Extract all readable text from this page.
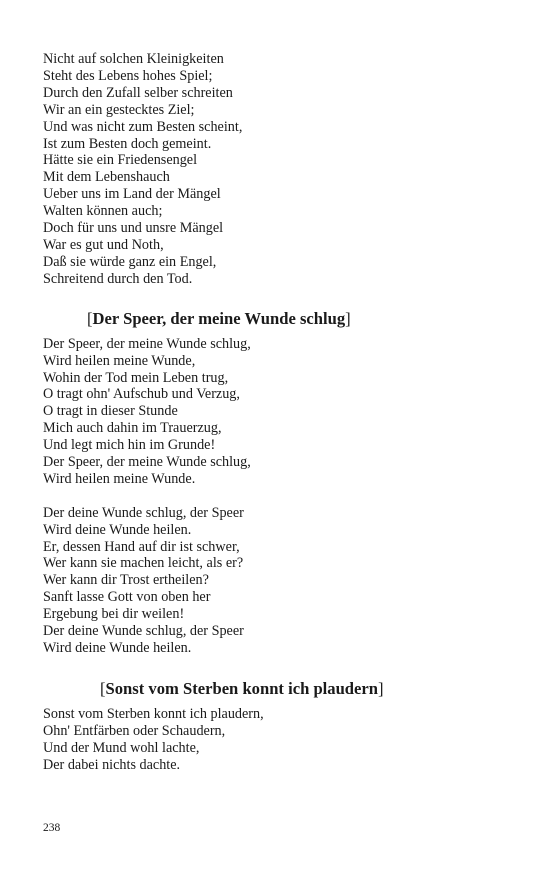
Nicht auf solchen Kleinigkeiten
Steht des Lebens hohes Spiel;
Durch den Zufall selber schreiten
Wir an ein gestecktes Ziel;
Und was nicht zum Besten scheint,
Ist zum Besten doch gemeint.
Hätte sie ein Friedensengel
Mit dem Lebenshauch
Ueber uns im Land der Mängel
Walten können auch;
Doch für uns und unsre Mängel
War es gut und Noth,
Daß sie würde ganz ein Engel,
Schreitend durch den Tod.
[Der Speer, der meine Wunde schlug]
Der Speer, der meine Wunde schlug,
Wird heilen meine Wunde,
Wohin der Tod mein Leben trug,
O tragt ohn' Aufschub und Verzug,
O tragt in dieser Stunde
Mich auch dahin im Trauerzug,
Und legt mich hin im Grunde!
Der Speer, der meine Wunde schlug,
Wird heilen meine Wunde.
Der deine Wunde schlug, der Speer
Wird deine Wunde heilen.
Er, dessen Hand auf dir ist schwer,
Wer kann sie machen leicht, als er?
Wer kann dir Trost ertheilen?
Sanft lasse Gott von oben her
Ergebung bei dir weilen!
Der deine Wunde schlug, der Speer
Wird deine Wunde heilen.
[Sonst vom Sterben konnt ich plaudern]
Sonst vom Sterben konnt ich plaudern,
Ohn' Entfärben oder Schaudern,
Und der Mund wohl lachte,
Der dabei nichts dachte.
238
